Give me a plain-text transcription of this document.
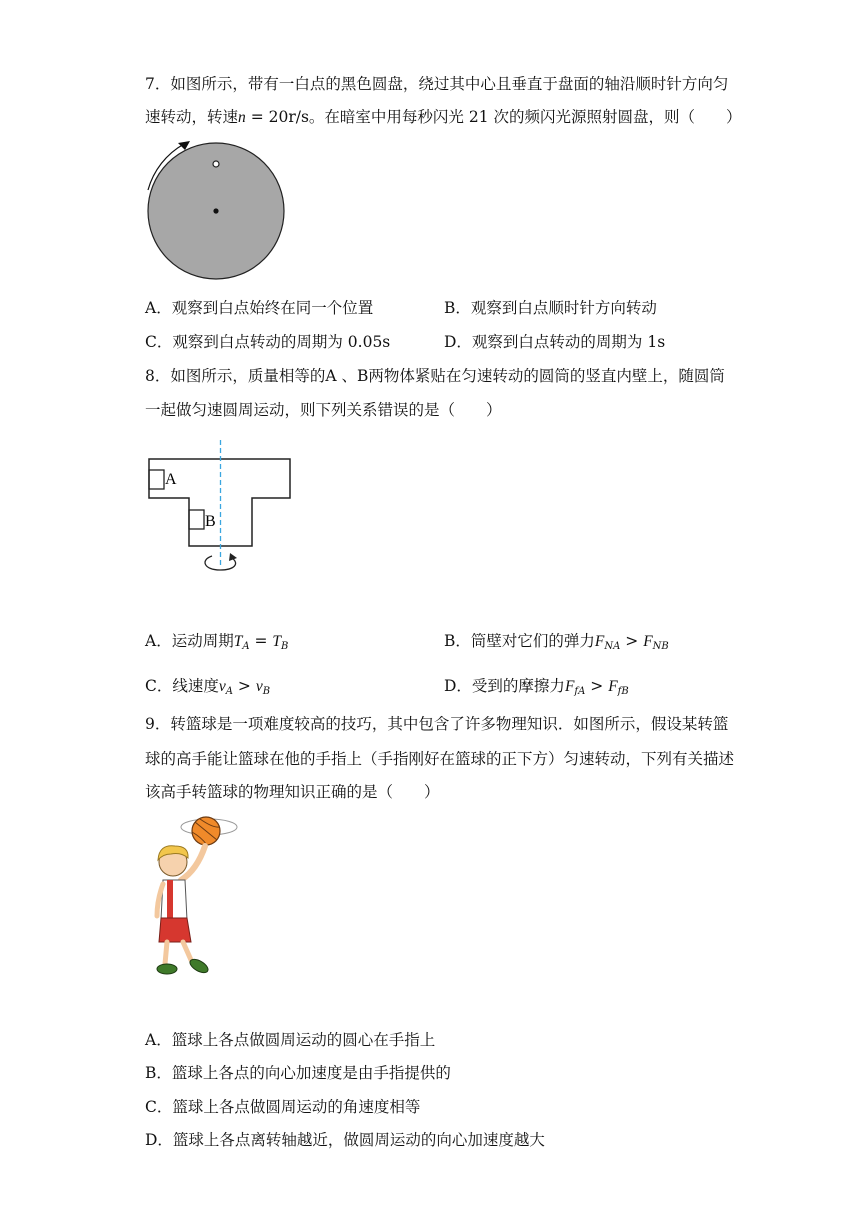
7．如图所示，带有一白点的黑色圆盘，绕过其中心且垂直于盘面的轴沿顺时针方向匀
速转动，转速n = 20r/s。在暗室中用每秒闪光 21 次的频闪光源照射圆盘，则（　　）
A．观察到白点始终在同一个位置	B．观察到白点顺时针方向转动
C．观察到白点转动的周期为 0.05s	D．观察到白点转动的周期为 1s
8．如图所示，质量相等的A 、B两物体紧贴在匀速转动的圆筒的竖直内壁上，随圆筒
一起做匀速圆周运动，则下列关系错误的是（　　）
A
B
A．运动周期$T_A = T_B$	B．筒壁对它们的弹力$F_{NA} > F_{NB}$
C．线速度$v_A > v_B$	D．受到的摩擦力$F_{fA} > F_{fB}$
9．转篮球是一项难度较高的技巧，其中包含了许多物理知识．如图所示，假设某转篮
球的高手能让篮球在他的手指上（手指刚好在篮球的正下方）匀速转动，下列有关描述
该高手转篮球的物理知识正确的是（　　）
A．篮球上各点做圆周运动的圆心在手指上
B．篮球上各点的向心加速度是由手指提供的
C．篮球上各点做圆周运动的角速度相等
D．篮球上各点离转轴越近，做圆周运动的向心加速度越大
